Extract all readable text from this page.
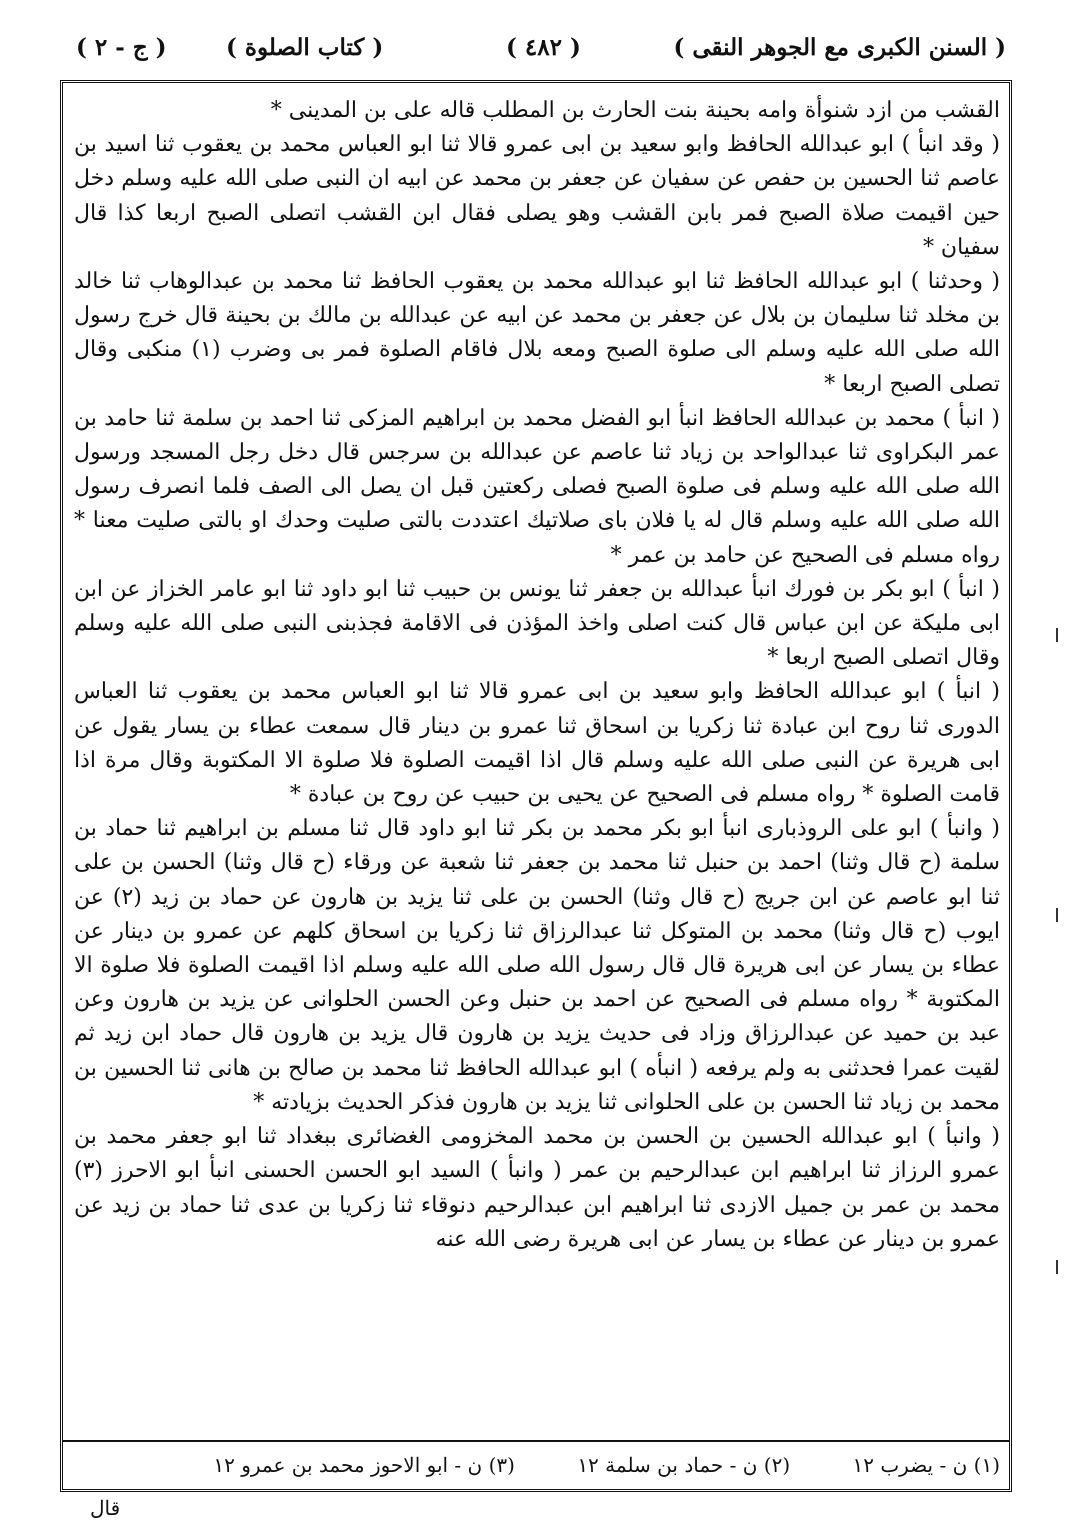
( السنن الكبرى مع الجوهر النقى )
( ٤٨٢ )
( كتاب الصلوة )
( ج - ٢ )

القشب من ازد شنوأة وامه بحينة بنت الحارث بن المطلب قاله على بن المدينى *

( وقد انبأ ) ابو عبدالله الحافظ وابو سعيد بن ابى عمرو قالا ثنا ابو العباس محمد بن يعقوب ثنا اسيد بن عاصم ثنا الحسين بن حفص عن سفيان عن جعفر بن محمد عن ابيه ان النبى صلى الله عليه وسلم دخل حين اقيمت صلاة الصبح فمر بابن القشب وهو يصلى فقال ابن القشب اتصلى الصبح اربعا كذا قال سفيان *

( وحدثنا ) ابو عبدالله الحافظ ثنا ابو عبدالله محمد بن يعقوب الحافظ ثنا محمد بن عبدالوهاب ثنا خالد بن مخلد ثنا سليمان بن بلال عن جعفر بن محمد عن ابيه عن عبدالله بن مالك بن بحينة قال خرج رسول الله صلى الله عليه وسلم الى صلوة الصبح ومعه بلال فاقام الصلوة فمر بى وضرب (١) منكبى وقال تصلى الصبح اربعا *

( انبأ ) محمد بن عبدالله الحافظ انبأ ابو الفضل محمد بن ابراهيم المزكى ثنا احمد بن سلمة ثنا حامد بن عمر البكراوى ثنا عبدالواحد بن زياد ثنا عاصم عن عبدالله بن سرجس قال دخل رجل المسجد ورسول الله صلى الله عليه وسلم فى صلوة الصبح فصلى ركعتين قبل ان يصل الى الصف فلما انصرف رسول الله صلى الله عليه وسلم قال له يا فلان باى صلاتيك اعتددت بالتى صليت وحدك او بالتى صليت معنا * رواه مسلم فى الصحيح عن حامد بن عمر *

( انبأ ) ابو بكر بن فورك انبأ عبدالله بن جعفر ثنا يونس بن حبيب ثنا ابو داود ثنا ابو عامر الخزاز عن ابن ابى مليكة عن ابن عباس قال كنت اصلى واخذ المؤذن فى الاقامة فجذبنى النبى صلى الله عليه وسلم وقال اتصلى الصبح اربعا *

( انبأ ) ابو عبدالله الحافظ وابو سعيد بن ابى عمرو قالا ثنا ابو العباس محمد بن يعقوب ثنا العباس الدورى ثنا روح ابن عبادة ثنا زكريا بن اسحاق ثنا عمرو بن دينار قال سمعت عطاء بن يسار يقول عن ابى هريرة عن النبى صلى الله عليه وسلم قال اذا اقيمت الصلوة فلا صلوة الا المكتوبة وقال مرة اذا قامت الصلوة * رواه مسلم فى الصحيح عن يحيى بن حبيب عن روح بن عبادة *

( وانبأ ) ابو على الروذبارى انبأ ابو بكر محمد بن بكر ثنا ابو داود قال ثنا مسلم بن ابراهيم ثنا حماد بن سلمة (ح قال وثنا) احمد بن حنبل ثنا محمد بن جعفر ثنا شعبة عن ورقاء (ح قال وثنا) الحسن بن على ثنا ابو عاصم عن ابن جريج (ح قال وثنا) الحسن بن على ثنا يزيد بن هارون عن حماد بن زيد (٢) عن ايوب (ح قال وثنا) محمد بن المتوكل ثنا عبدالرزاق ثنا زكريا بن اسحاق كلهم عن عمرو بن دينار عن عطاء بن يسار عن ابى هريرة قال قال رسول الله صلى الله عليه وسلم اذا اقيمت الصلوة فلا صلوة الا المكتوبة * رواه مسلم فى الصحيح عن احمد بن حنبل وعن الحسن الحلوانى عن يزيد بن هارون وعن عبد بن حميد عن عبدالرزاق وزاد فى حديث يزيد بن هارون قال يزيد بن هارون قال حماد ابن زيد ثم لقيت عمرا فحدثنى به ولم يرفعه ( انبأه ) ابو عبدالله الحافظ ثنا محمد بن صالح بن هانى ثنا الحسين بن محمد بن زياد ثنا الحسن بن على الحلوانى ثنا يزيد بن هارون فذكر الحديث بزيادته *

( وانبأ ) ابو عبدالله الحسين بن الحسن بن محمد المخزومى الغضائرى ببغداد ثنا ابو جعفر محمد بن عمرو الرزاز ثنا ابراهيم ابن عبدالرحيم بن عمر ( وانبأ ) السيد ابو الحسن الحسنى انبأ ابو الاحرز (٣) محمد بن عمر بن جميل الازدى ثنا ابراهيم ابن عبدالرحيم دنوقاء ثنا زكريا بن عدى ثنا حماد بن زيد عن عمرو بن دينار عن عطاء بن يسار عن ابى هريرة رضى الله عنه

(١) ن - يضرب ١٢ (٢) ن - حماد بن سلمة ١٢ (٣) ن - ابو الاحوز محمد بن عمرو ١٢
قال
